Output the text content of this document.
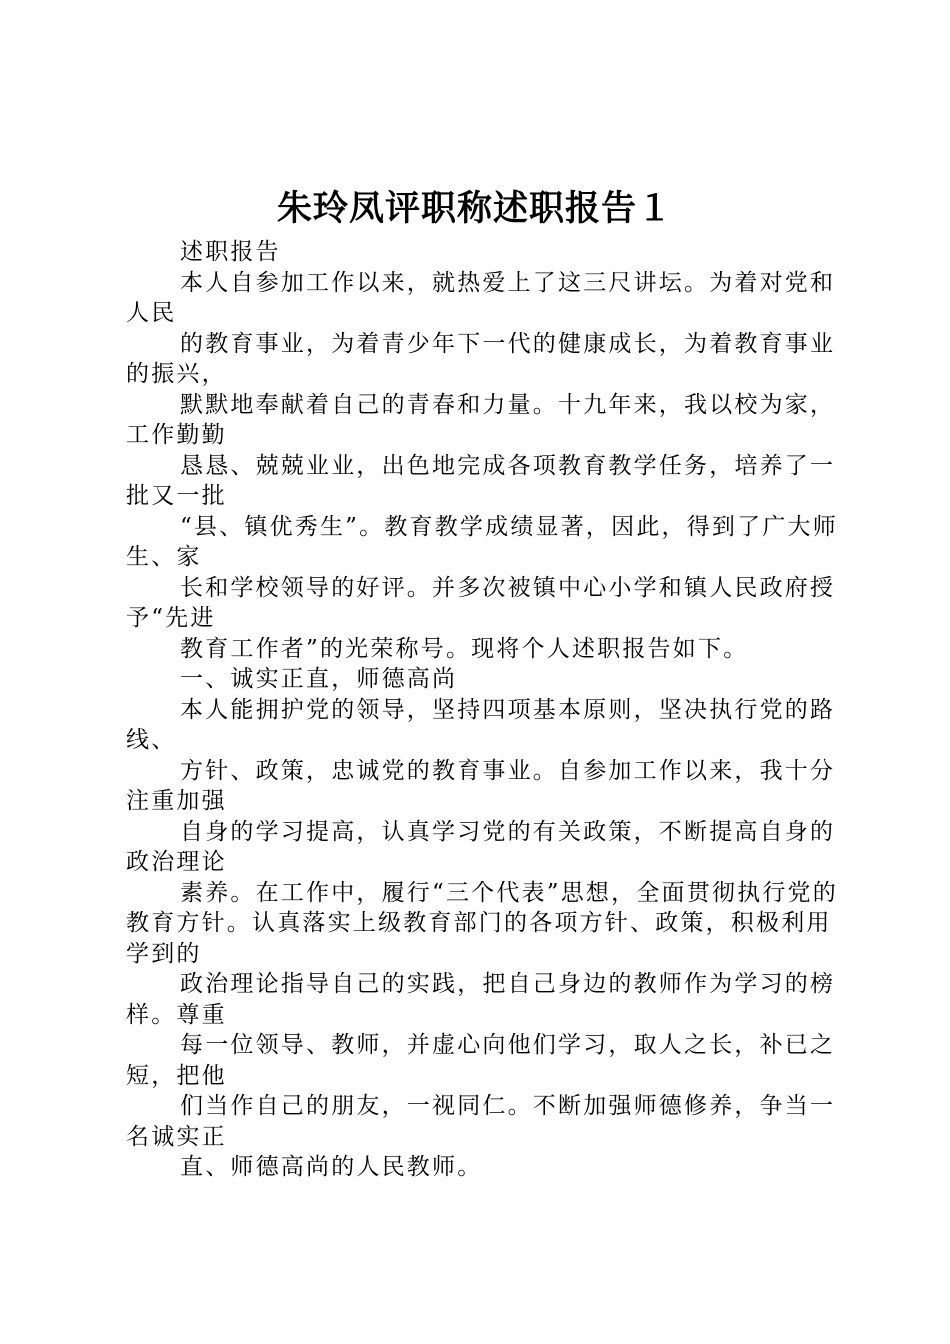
朱玲凤评职称述职报告１

述职报告

本人自参加工作以来，就热爱上了这三尺讲坛。为着对党和人民

的教育事业，为着青少年下一代的健康成长，为着教育事业的振兴，

默默地奉献着自己的青春和力量。十九年来，我以校为家，工作勤勤

恳恳、兢兢业业，出色地完成各项教育教学任务，培养了一批又一批

“县、镇优秀生”。教育教学成绩显著，因此，得到了广大师生、家

长和学校领导的好评。并多次被镇中心小学和镇人民政府授予“先进

教育工作者”的光荣称号。现将个人述职报告如下。

一、诚实正直，师德高尚

本人能拥护党的领导，坚持四项基本原则，坚决执行党的路线、

方针、政策，忠诚党的教育事业。自参加工作以来，我十分注重加强

自身的学习提高，认真学习党的有关政策，不断提高自身的政治理论

素养。在工作中，履行“三个代表”思想，全面贯彻执行党的教育方针。认真落实上级教育部门的各项方针、政策，积极利用学到的

政治理论指导自己的实践，把自己身边的教师作为学习的榜样。尊重

每一位领导、教师，并虚心向他们学习，取人之长，补已之短，把他

们当作自己的朋友，一视同仁。不断加强师德修养，争当一名诚实正

直、师德高尚的人民教师。
